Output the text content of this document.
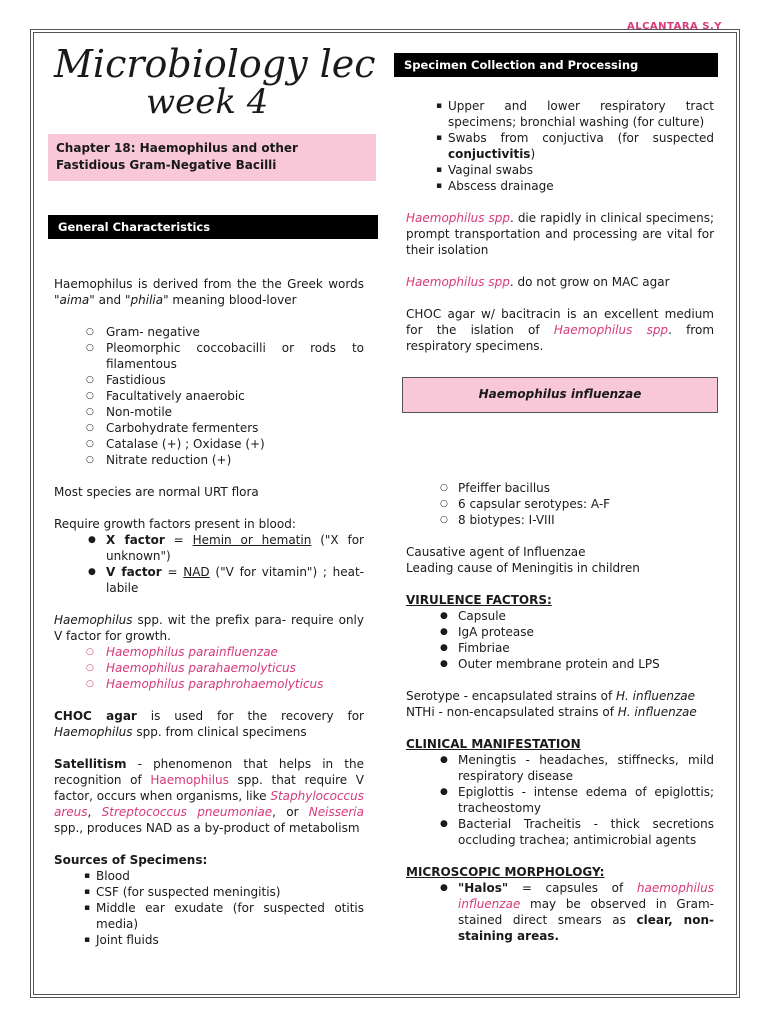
ALCANTARA S.Y
Microbiology lec
week 4
Chapter 18: Haemophilus and other Fastidious Gram-Negative Bacilli
General Characteristics
Specimen Collection and Processing

Haemophilus is derived from the the Greek words "aima" and "philia" meaning blood-lover

○ Gram- negative
○ Pleomorphic coccobacilli or rods to filamentous
○ Fastidious
○ Facultatively anaerobic
○ Non-motile
○ Carbohydrate fermenters
○ Catalase (+) ; Oxidase (+)
○ Nitrate reduction (+)

Most species are normal URT flora

Require growth factors present in blood:

● X factor = Hemin or hematin ("X for unknown")
● V factor = NAD ("V for vitamin") ; heat-labile

Haemophilus spp. wit the prefix para- require only V factor for growth.

○ Haemophilus parainfluenzae
○ Haemophilus parahaemolyticus
○ Haemophilus paraphrohaemolyticus

CHOC agar is used for the recovery for Haemophilus spp. from clinical specimens

Satellitism - phenomenon that helps in the recognition of Haemophilus spp. that require V factor, occurs when organisms, like Staphylococcus areus, Streptococcus pneumoniae, or Neisseria spp., produces NAD as a by-product of metabolism

Sources of Specimens:

▪ Blood
▪ CSF (for suspected meningitis)
▪ Middle ear exudate (for suspected otitis media)
▪ Joint fluids
▪ Upper and lower respiratory tract specimens; bronchial washing (for culture)
▪ Swabs from conjuctiva (for suspected conjuctivitis)
▪ Vaginal swabs
▪ Abscess drainage

Haemophilus spp. die rapidly in clinical specimens; prompt transportation and processing are vital for their isolation

Haemophilus spp. do not grow on MAC agar

CHOC agar w/ bacitracin is an excellent medium for the islation of Haemophilus spp. from respiratory specimens.

Haemophilus influenzae
○ Pfeiffer bacillus
○ 6 capsular serotypes: A-F
○ 8 biotypes: I-VIII

Causative agent of Influenzae
Leading cause of Meningitis in children

VIRULENCE FACTORS:

● Capsule
● IgA protease
● Fimbriae
● Outer membrane protein and LPS

Serotype - encapsulated strains of H. influenzae
NTHi - non-encapsulated strains of H. influenzae

CLINICAL MANIFESTATION

● Meningtis - headaches, stiffnecks, mild respiratory disease
● Epiglottis - intense edema of epiglottis; tracheostomy
● Bacterial Tracheitis - thick secretions occluding trachea; antimicrobial agents

MICROSCOPIC MORPHOLOGY:

● "Halos" = capsules of haemophilus influenzae may be observed in Gram-stained direct smears as clear, non-staining areas.
